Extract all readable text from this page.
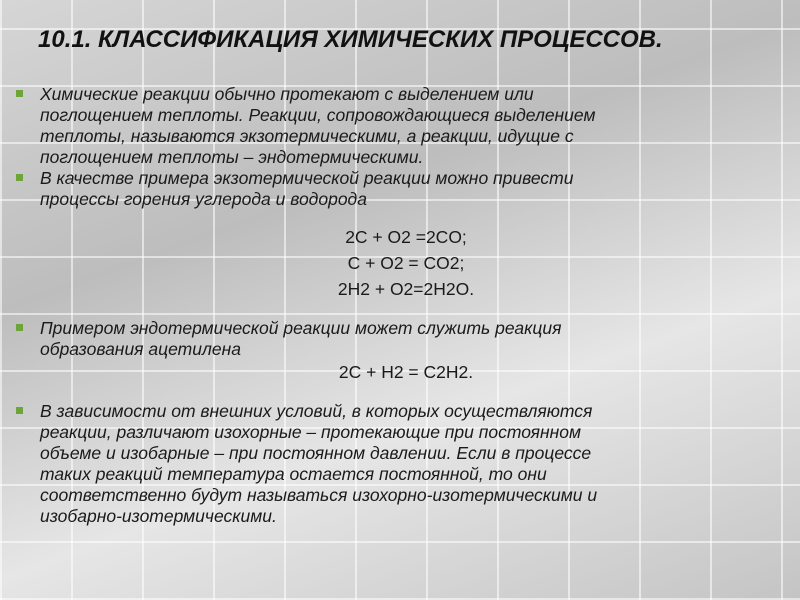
10.1. КЛАССИФИКАЦИЯ ХИМИЧЕСКИХ ПРОЦЕССОВ.
Химические реакции обычно протекают с выделением или
поглощением теплоты. Реакции, сопровождающиеся выделением
теплоты, называются экзотермическими, а реакции, идущие с
поглощением теплоты – эндотермическими.
В качестве примера экзотермической реакции можно привести
процессы горения углерода и водорода
2C + O2 =2CO;
C + O2 = CO2;
2H2 + O2=2H2O.
Примером эндотермической реакции может служить реакция
образования ацетилена
2C + H2 = C2H2.
В зависимости от внешних условий, в которых осуществляются
реакции, различают изохорные – протекающие при постоянном
объеме и изобарные – при постоянном давлении. Если в процессе
таких реакций температура остается постоянной, то они
соответственно будут называться изохорно-изотермическими и
изобарно-изотермическими.
